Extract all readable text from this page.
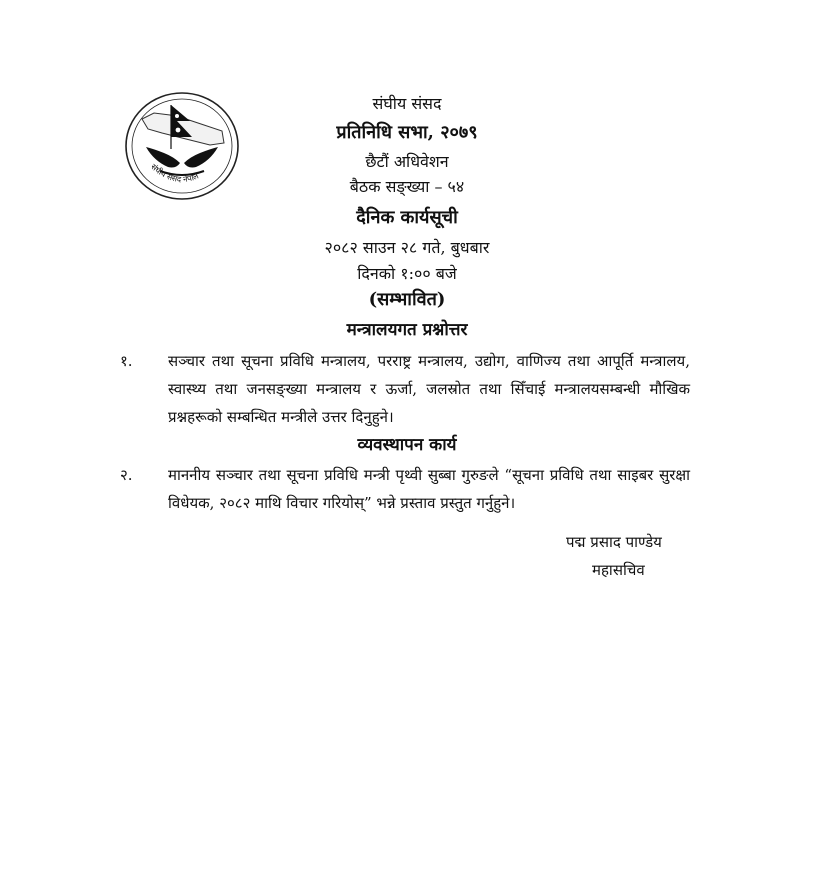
संघीय संसद नेपाल
संघीय संसद
प्रतिनिधि सभा, २०७९
छैटौं अधिवेशन
बैठक सङ्ख्या – ५४
दैनिक कार्यसूची
२०८२ साउन २८ गते, बुधबार
दिनको १:०० बजे
(सम्भावित)
मन्त्रालयगत प्रश्नोत्तर
१. सञ्चार तथा सूचना प्रविधि मन्त्रालय, परराष्ट्र मन्त्रालय, उद्योग, वाणिज्य तथा आपूर्ति मन्त्रालय, स्वास्थ्य तथा जनसङ्ख्या मन्त्रालय र ऊर्जा, जलस्रोत तथा सिँचाई मन्त्रालयसम्बन्धी मौखिक प्रश्नहरूको सम्बन्धित मन्त्रीले उत्तर दिनुहुने।
व्यवस्थापन कार्य
२. माननीय सञ्चार तथा सूचना प्रविधि मन्त्री पृथ्वी सुब्बा गुरुङले “सूचना प्रविधि तथा साइबर सुरक्षा विधेयक, २०८२ माथि विचार गरियोस्” भन्ने प्रस्ताव प्रस्तुत गर्नुहुने।
पद्म प्रसाद पाण्डेय
महासचिव
